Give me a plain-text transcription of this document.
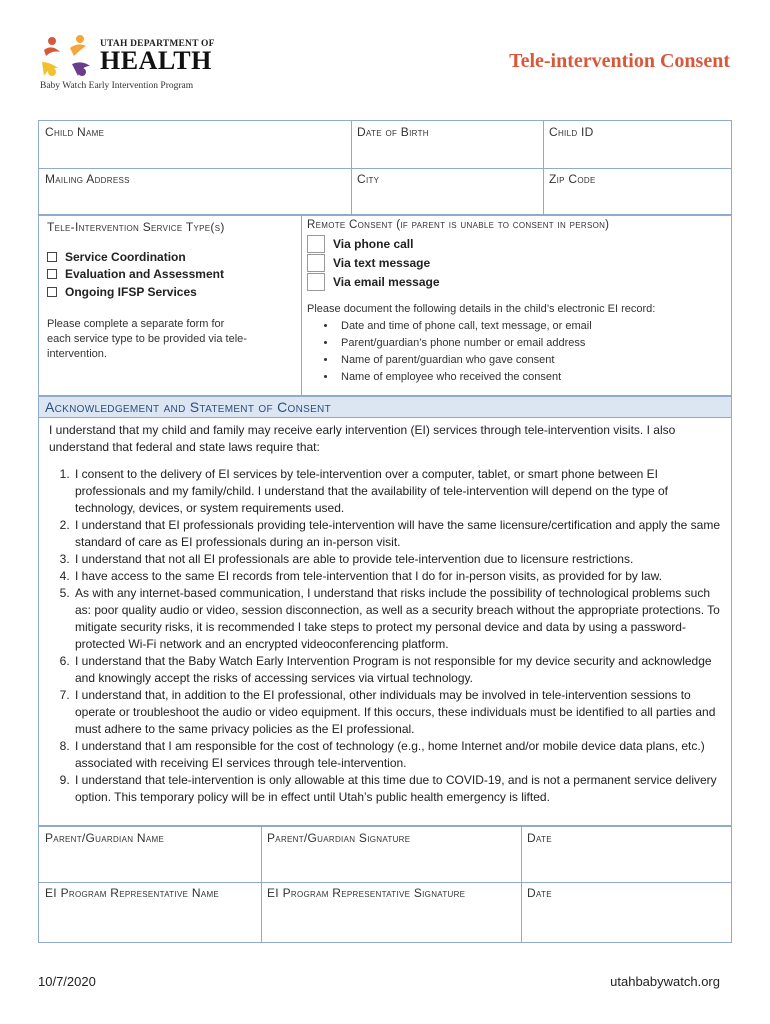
UTAH DEPARTMENT OF
HEALTH
Baby Watch Early Intervention Program
Tele-intervention Consent
Child Name	Date of Birth	Child ID
Mailing Address	City	Zip Code
Tele-Intervention Service Type(s)
Service Coordination
Evaluation and Assessment
Ongoing IFSP Services
Please complete a separate form for each service type to be provided via tele-intervention.
Remote Consent (if parent is unable to consent in person)
Via phone call
Via text message
Via email message
Please document the following details in the child’s electronic EI record:
• Date and time of phone call, text message, or email
• Parent/guardian’s phone number or email address
• Name of parent/guardian who gave consent
• Name of employee who received the consent
Acknowledgement and Statement of Consent

I understand that my child and family may receive early intervention (EI) services through tele-intervention visits. I also understand that federal and state laws require that:

1. I consent to the delivery of EI services by tele-intervention over a computer, tablet, or smart phone between EI professionals and my family/child. I understand that the availability of tele-intervention will depend on the type of technology, devices, or system requirements used.
2. I understand that EI professionals providing tele-intervention will have the same licensure/certification and apply the same standard of care as EI professionals during an in-person visit.
3. I understand that not all EI professionals are able to provide tele-intervention due to licensure restrictions.
4. I have access to the same EI records from tele-intervention that I do for in-person visits, as provided for by law.
5. As with any internet-based communication, I understand that risks include the possibility of technological problems such as: poor quality audio or video, session disconnection, as well as a security breach without the appropriate protections. To mitigate security risks, it is recommended I take steps to protect my personal device and data by using a password-protected Wi-Fi network and an encrypted videoconferencing platform.
6. I understand that the Baby Watch Early Intervention Program is not responsible for my device security and acknowledge and knowingly accept the risks of accessing services via virtual technology.
7. I understand that, in addition to the EI professional, other individuals may be involved in tele-intervention sessions to operate or troubleshoot the audio or video equipment. If this occurs, these individuals must be identified to all parties and must adhere to the same privacy policies as the EI professional.
8. I understand that I am responsible for the cost of technology (e.g., home Internet and/or mobile device data plans, etc.) associated with receiving EI services through tele-intervention.
9. I understand that tele-intervention is only allowable at this time due to COVID-19, and is not a permanent service delivery option. This temporary policy will be in effect until Utah’s public health emergency is lifted.
Parent/Guardian Name	Parent/Guardian Signature	Date
EI Program Representative Name	EI Program Representative Signature	Date
10/7/2020	utahbabywatch.org
